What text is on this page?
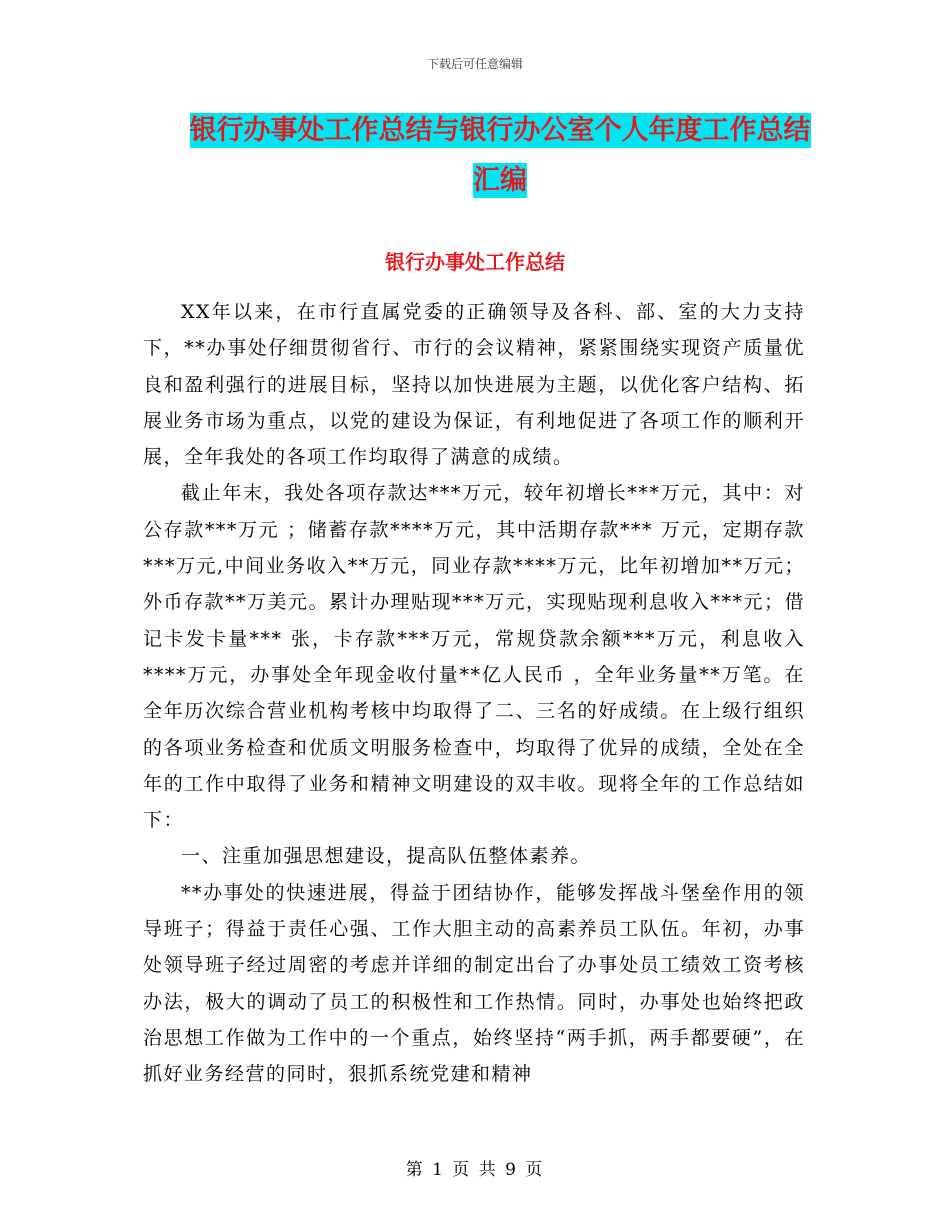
下载后可任意编辑
银行办事处工作总结与银行办公室个人年度工作总结
汇编
银行办事处工作总结

XX年以来，在市行直属党委的正确领导及各科、部、室的大力支持下，**办事处仔细贯彻省行、市行的会议精神，紧紧围绕实现资产质量优良和盈利强行的进展目标，坚持以加快进展为主题，以优化客户结构、拓展业务市场为重点，以党的建设为保证，有利地促进了各项工作的顺利开展，全年我处的各项工作均取得了满意的成绩。

截止年末，我处各项存款达***万元，较年初增长***万元，其中：对公存款***万元 ；储蓄存款****万元，其中活期存款*** 万元，定期存款***万元,中间业务收入**万元，同业存款****万元，比年初增加**万元；外币存款**万美元。累计办理贴现***万元，实现贴现利息收入***元；借记卡发卡量*** 张，卡存款***万元，常规贷款余额***万元，利息收入****万元，办事处全年现金收付量**亿人民币 ，全年业务量**万笔。在全年历次综合营业机构考核中均取得了二、三名的好成绩。在上级行组织的各项业务检查和优质文明服务检查中，均取得了优异的成绩，全处在全年的工作中取得了业务和精神文明建设的双丰收。现将全年的工作总结如下：

一、注重加强思想建设，提高队伍整体素养。

**办事处的快速进展，得益于团结协作，能够发挥战斗堡垒作用的领导班子；得益于责任心强、工作大胆主动的高素养员工队伍。年初，办事处领导班子经过周密的考虑并详细的制定出台了办事处员工绩效工资考核办法，极大的调动了员工的积极性和工作热情。同时，办事处也始终把政治思想工作做为工作中的一个重点，始终坚持“两手抓，两手都要硬”，在抓好业务经营的同时，狠抓系统党建和精神

第 1 页 共 9 页
